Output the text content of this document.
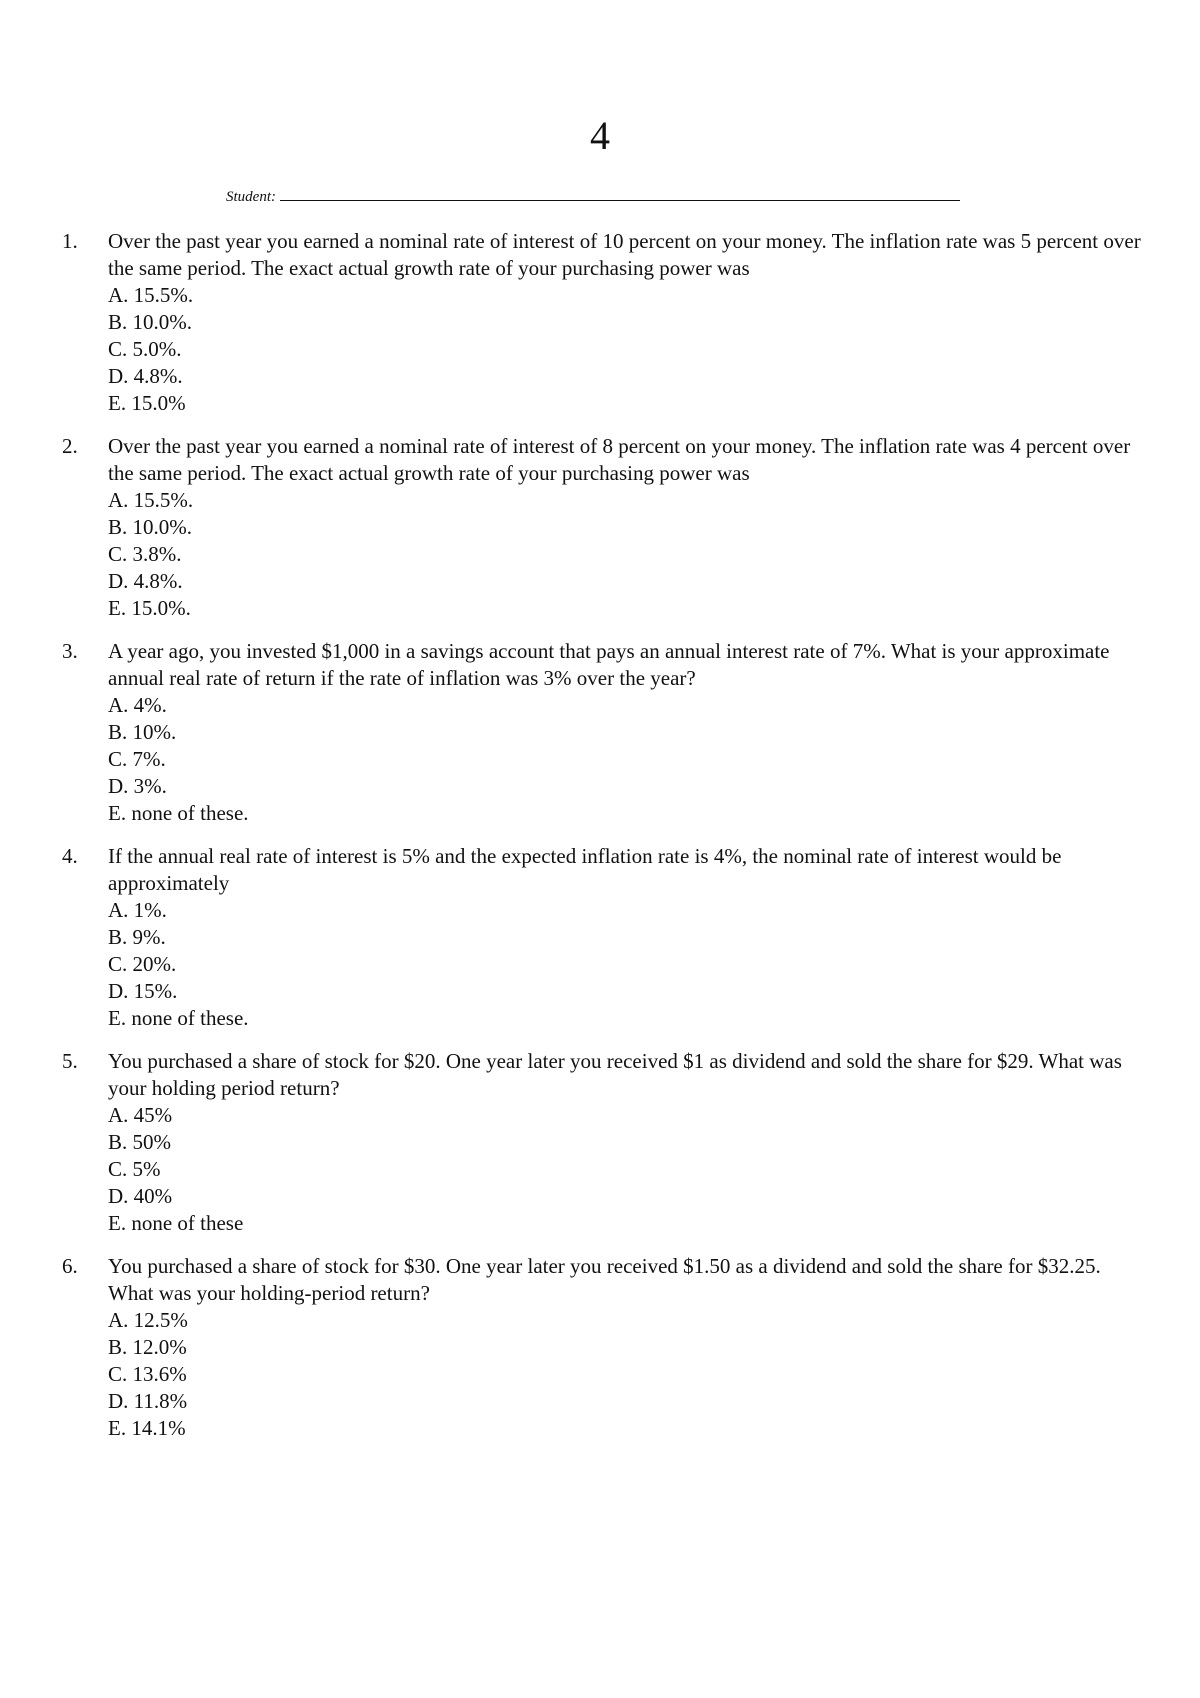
4
Student:
1.	Over the past year you earned a nominal rate of interest of 10 percent on your money. The inflation rate was 5 percent over the same period. The exact actual growth rate of your purchasing power was
A. 15.5%.
B. 10.0%.
C. 5.0%.
D. 4.8%.
E. 15.0%
2.	Over the past year you earned a nominal rate of interest of 8 percent on your money. The inflation rate was 4 percent over the same period. The exact actual growth rate of your purchasing power was
A. 15.5%.
B. 10.0%.
C. 3.8%.
D. 4.8%.
E. 15.0%.
3.	A year ago, you invested $1,000 in a savings account that pays an annual interest rate of 7%. What is your approximate annual real rate of return if the rate of inflation was 3% over the year?
A. 4%.
B. 10%.
C. 7%.
D. 3%.
E. none of these.
4.	If the annual real rate of interest is 5% and the expected inflation rate is 4%, the nominal rate of interest would be approximately
A. 1%.
B. 9%.
C. 20%.
D. 15%.
E. none of these.
5.	You purchased a share of stock for $20. One year later you received $1 as dividend and sold the share for $29. What was your holding period return?
A. 45%
B. 50%
C. 5%
D. 40%
E. none of these
6.	You purchased a share of stock for $30. One year later you received $1.50 as a dividend and sold the share for $32.25. What was your holding-period return?
A. 12.5%
B. 12.0%
C. 13.6%
D. 11.8%
E. 14.1%
